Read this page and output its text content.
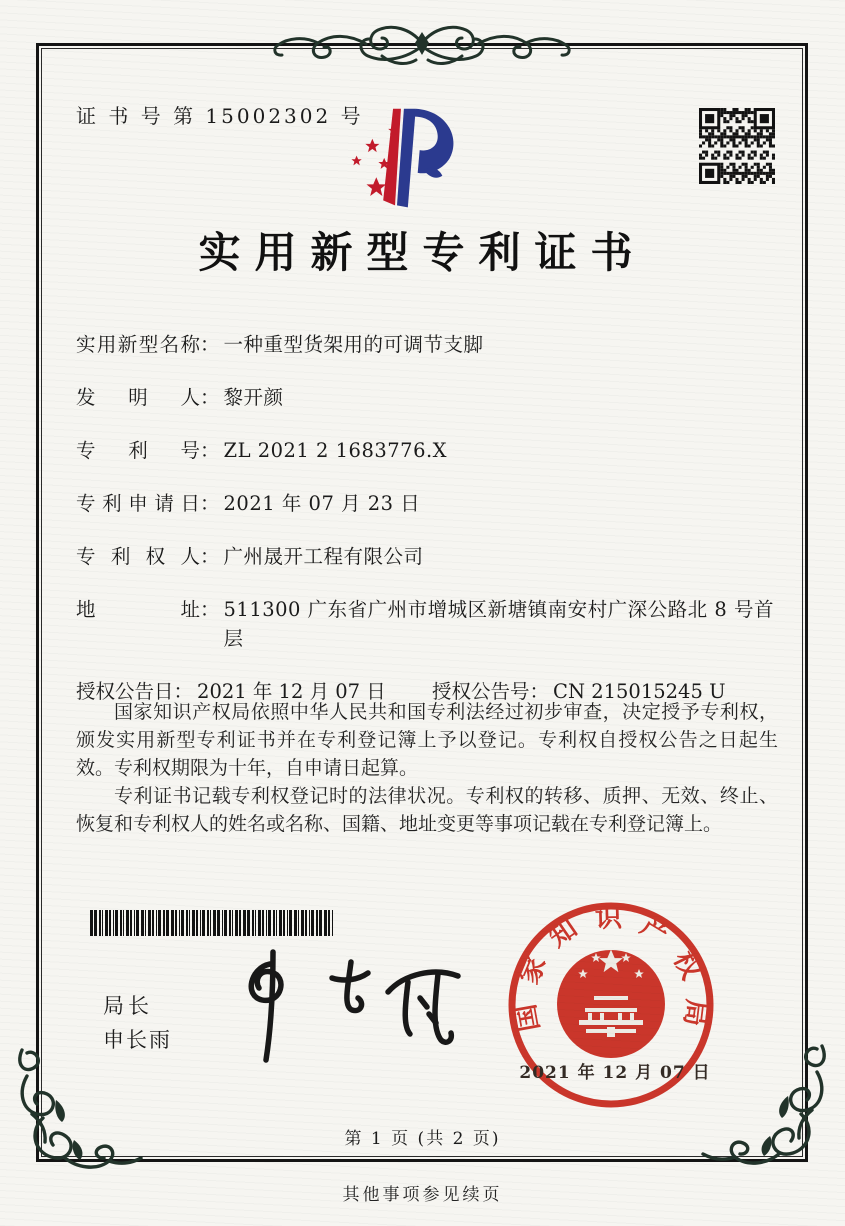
证 书 号 第 15002302 号
实用新型专利证书
实用新型名称 ： 一种重型货架用的可调节支脚
发明人 ： 黎开颜
专利号 ： ZL 2021 2 1683776.X
专利申请日 ： 2021 年 07 月 23 日
专利权人 ： 广州晟开工程有限公司
地址 ： 511300 广东省广州市增城区新塘镇南安村广深公路北 8 号首层
授权公告日 ： 2021 年 12 月 07 日 授权公告号 ： CN 215015245 U

国家知识产权局依照中华人民共和国专利法经过初步审查，决定授予专利权，颁发实用新型专利证书并在专利登记簿上予以登记。专利权自授权公告之日起生效。专利权期限为十年，自申请日起算。

专利证书记载专利权登记时的法律状况。专利权的转移、质押、无效、终止、恢复和专利权人的姓名或名称、国籍、地址变更等事项记载在专利登记簿上。

局长
申长雨
国家知识产权局
2021 年 12 月 07 日
第 1 页 (共 2 页)
其他事项参见续页
